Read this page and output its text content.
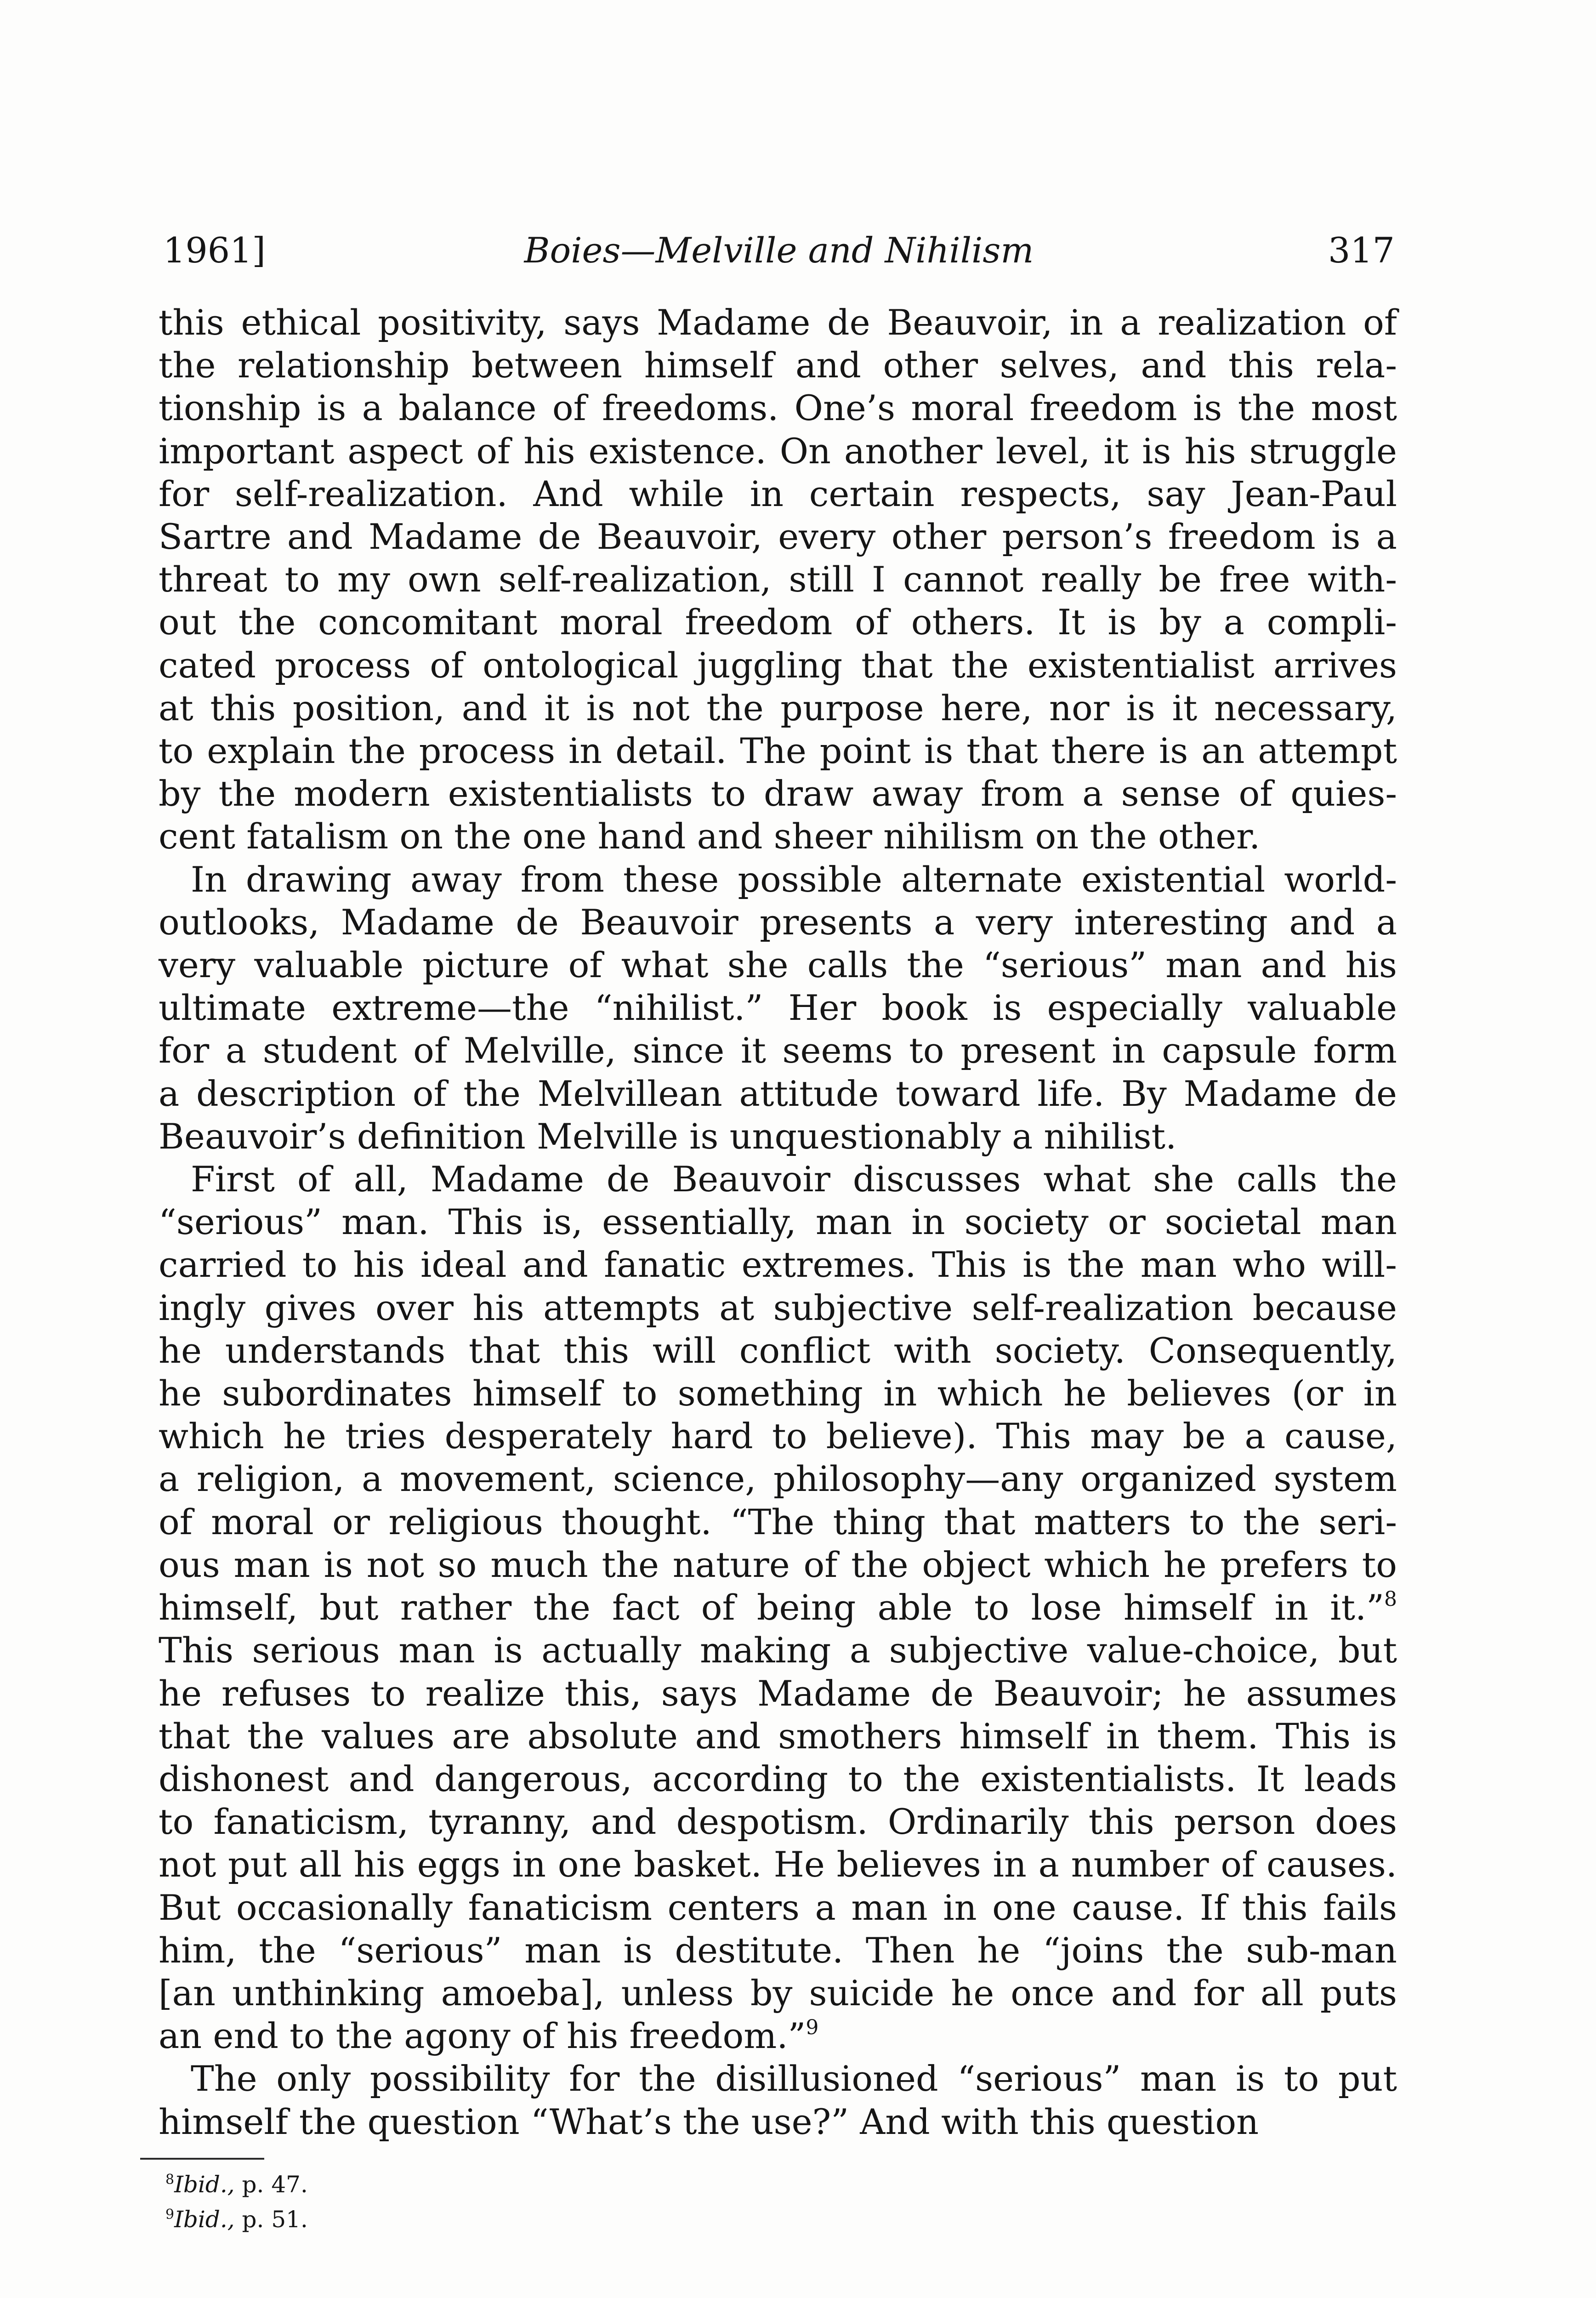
1961]	Boies—Melville and Nihilism	317
this ethical positivity, says Madame de Beauvoir, in a realization of
the relationship between himself and other selves, and this rela-
tionship is a balance of freedoms. One’s moral freedom is the most
important aspect of his existence. On another level, it is his struggle
for self-realization. And while in certain respects, say Jean-Paul
Sartre and Madame de Beauvoir, every other person’s freedom is a
threat to my own self-realization, still I cannot really be free with-
out the concomitant moral freedom of others. It is by a compli-
cated process of ontological juggling that the existentialist arrives
at this position, and it is not the purpose here, nor is it necessary,
to explain the process in detail. The point is that there is an attempt
by the modern existentialists to draw away from a sense of quies-
cent fatalism on the one hand and sheer nihilism on the other.
In drawing away from these possible alternate existential world-
outlooks, Madame de Beauvoir presents a very interesting and a
very valuable picture of what she calls the “serious” man and his
ultimate extreme—the “nihilist.” Her book is especially valuable
for a student of Melville, since it seems to present in capsule form
a description of the Melvillean attitude toward life. By Madame de
Beauvoir’s definition Melville is unquestionably a nihilist.
First of all, Madame de Beauvoir discusses what she calls the
“serious” man. This is, essentially, man in society or societal man
carried to his ideal and fanatic extremes. This is the man who will-
ingly gives over his attempts at subjective self-realization because
he understands that this will conflict with society. Consequently,
he subordinates himself to something in which he believes (or in
which he tries desperately hard to believe). This may be a cause,
a religion, a movement, science, philosophy—any organized system
of moral or religious thought. “The thing that matters to the seri-
ous man is not so much the nature of the object which he prefers to
himself, but rather the fact of being able to lose himself in it.”$^8$
This serious man is actually making a subjective value-choice, but
he refuses to realize this, says Madame de Beauvoir; he assumes
that the values are absolute and smothers himself in them. This is
dishonest and dangerous, according to the existentialists. It leads
to fanaticism, tyranny, and despotism. Ordinarily this person does
not put all his eggs in one basket. He believes in a number of causes.
But occasionally fanaticism centers a man in one cause. If this fails
him, the “serious” man is destitute. Then he “joins the sub-man
[an unthinking amoeba], unless by suicide he once and for all puts
an end to the agony of his freedom.”$^9$
The only possibility for the disillusioned “serious” man is to put
himself the question “What’s the use?” And with this question
$^8$Ibid., p. 47.
$^9$Ibid., p. 51.
